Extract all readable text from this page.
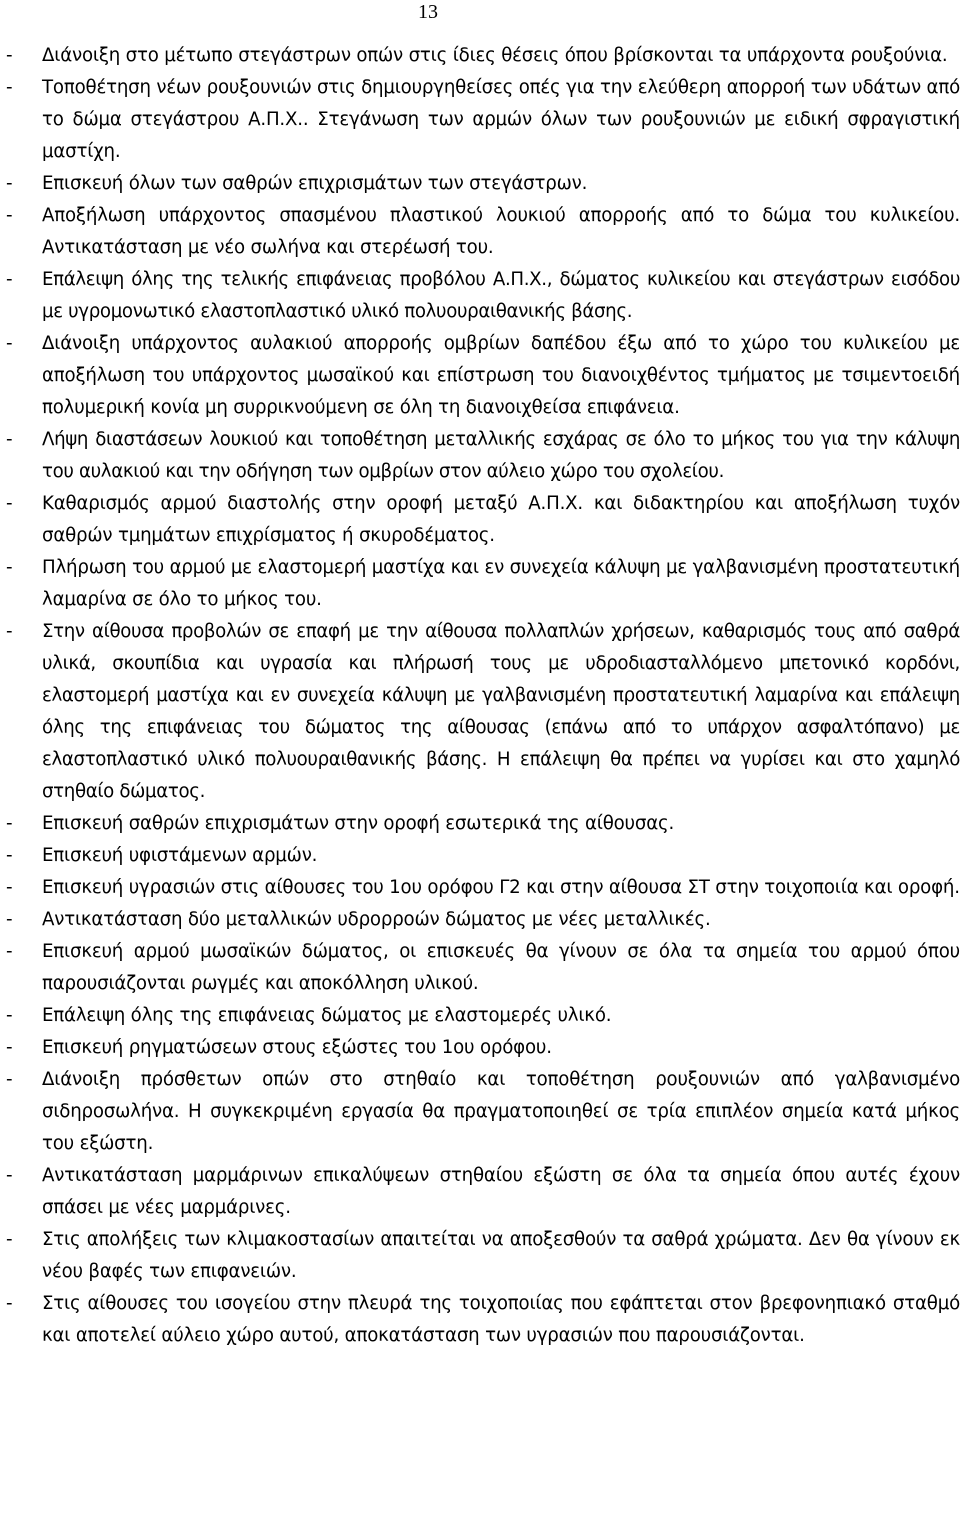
13
- Διάνοιξη στο μέτωπο στεγάστρων οπών στις ίδιες θέσεις όπου βρίσκονται τα υπάρχοντα ρουξούνια.
- Τοποθέτηση νέων ρουξουνιών στις δημιουργηθείσες οπές για την ελεύθερη απορροή των υδάτων από το δώμα στεγάστρου Α.Π.Χ.. Στεγάνωση των αρμών όλων των ρουξουνιών με ειδική σφραγιστική μαστίχη.
- Επισκευή όλων των σαθρών επιχρισμάτων των στεγάστρων.
- Αποξήλωση υπάρχοντος σπασμένου πλαστικού λουκιού απορροής από το δώμα του κυλικείου. Αντικατάσταση με νέο σωλήνα και στερέωσή του.
- Επάλειψη όλης της τελικής επιφάνειας προβόλου Α.Π.Χ., δώματος κυλικείου και στεγάστρων εισόδου με υγρομονωτικό ελαστοπλαστικό υλικό πολυουραιθανικής βάσης.
- Διάνοιξη υπάρχοντος αυλακιού απορροής ομβρίων δαπέδου έξω από το χώρο του κυλικείου με αποξήλωση του υπάρχοντος μωσαϊκού και επίστρωση του διανοιχθέντος τμήματος με τσιμεντοειδή πολυμερική κονία μη συρρικνούμενη σε όλη τη διανοιχθείσα επιφάνεια.
- Λήψη διαστάσεων λουκιού και τοποθέτηση μεταλλικής εσχάρας σε όλο το μήκος του για την κάλυψη του αυλακιού και την οδήγηση των ομβρίων στον αύλειο χώρο του σχολείου.
- Καθαρισμός αρμού διαστολής στην οροφή μεταξύ Α.Π.Χ. και διδακτηρίου και αποξήλωση τυχόν σαθρών τμημάτων επιχρίσματος ή σκυροδέματος.
- Πλήρωση του αρμού με ελαστομερή μαστίχα και εν συνεχεία κάλυψη με γαλβανισμένη προστατευτική λαμαρίνα σε όλο το μήκος του.
- Στην αίθουσα προβολών σε επαφή με την αίθουσα πολλαπλών χρήσεων, καθαρισμός τους από σαθρά υλικά, σκουπίδια και υγρασία και πλήρωσή τους με υδροδιασταλλόμενο μπετονικό κορδόνι, ελαστομερή μαστίχα και εν συνεχεία κάλυψη με γαλβανισμένη προστατευτική λαμαρίνα και επάλειψη όλης της επιφάνειας του δώματος της αίθουσας (επάνω από το υπάρχον ασφαλτόπανο) με ελαστοπλαστικό υλικό πολυουραιθανικής βάσης. Η επάλειψη θα πρέπει να γυρίσει και στο χαμηλό στηθαίο δώματος.
- Επισκευή σαθρών επιχρισμάτων στην οροφή εσωτερικά της αίθουσας.
- Επισκευή υφιστάμενων αρμών.
- Επισκευή υγρασιών στις αίθουσες του 1ου ορόφου Γ2 και στην αίθουσα ΣΤ στην τοιχοποιία και οροφή.
- Αντικατάσταση δύο μεταλλικών υδρορροών δώματος με νέες μεταλλικές.
- Επισκευή αρμού μωσαϊκών δώματος, οι επισκευές θα γίνουν σε όλα τα σημεία του αρμού όπου παρουσιάζονται ρωγμές και αποκόλληση υλικού.
- Επάλειψη όλης της επιφάνειας δώματος με ελαστομερές υλικό.
- Επισκευή ρηγματώσεων στους εξώστες του 1ου ορόφου.
- Διάνοιξη πρόσθετων οπών στο στηθαίο και τοποθέτηση ρουξουνιών από γαλβανισμένο σιδηροσωλήνα. Η συγκεκριμένη εργασία θα πραγματοποιηθεί σε τρία επιπλέον σημεία κατά μήκος του εξώστη.
- Αντικατάσταση μαρμάρινων επικαλύψεων στηθαίου εξώστη σε όλα τα σημεία όπου αυτές έχουν σπάσει με νέες μαρμάρινες.
- Στις απολήξεις των κλιμακοστασίων απαιτείται να αποξεσθούν τα σαθρά χρώματα. Δεν θα γίνουν εκ νέου βαφές των επιφανειών.
- Στις αίθουσες του ισογείου στην πλευρά της τοιχοποιίας που εφάπτεται στον βρεφονηπιακό σταθμό και αποτελεί αύλειο χώρο αυτού, αποκατάσταση των υγρασιών που παρουσιάζονται.
